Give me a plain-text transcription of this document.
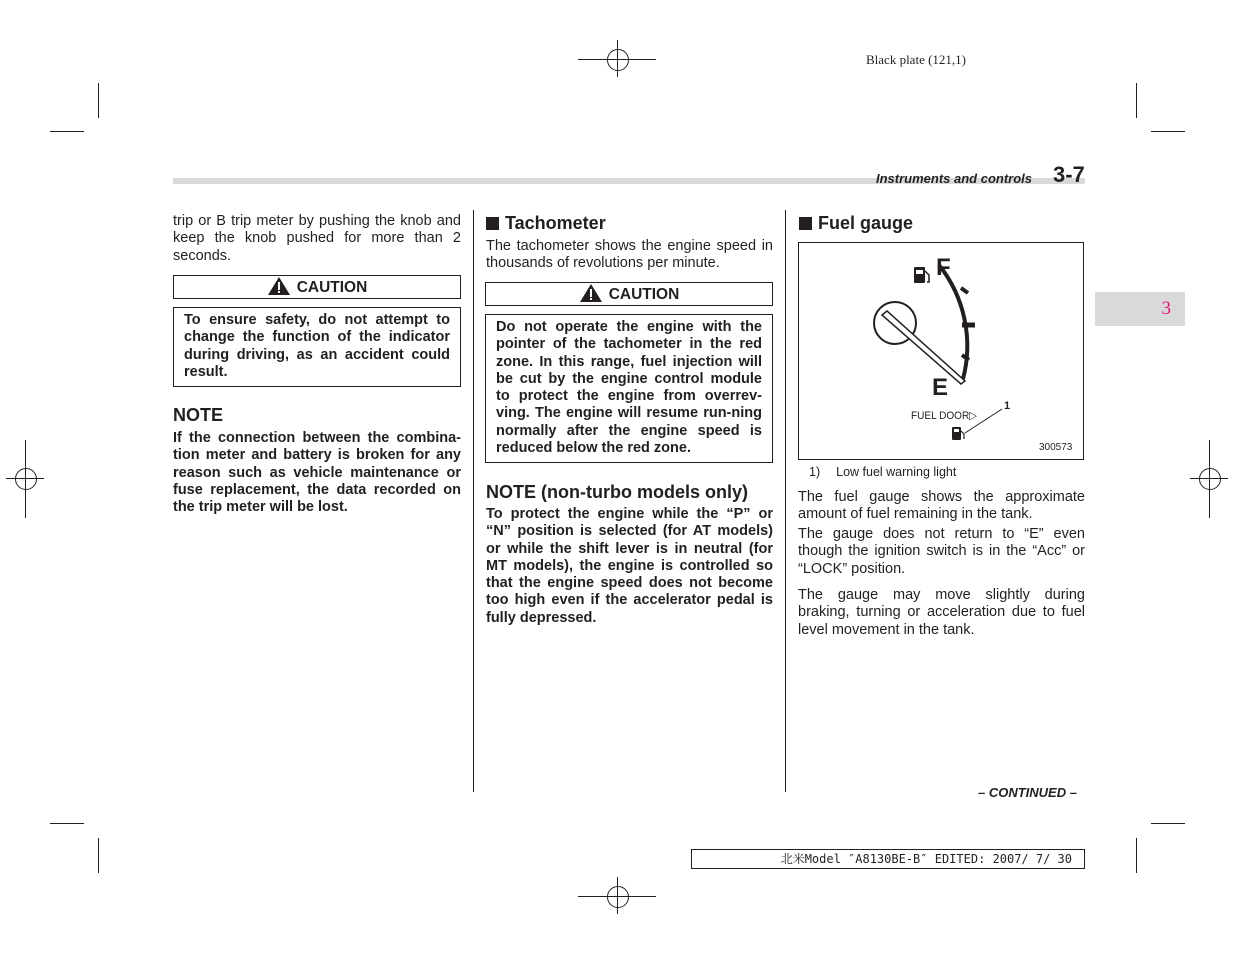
Black plate (121,1)
Instruments and controls 3-7
3
trip or B trip meter by pushing the knob and keep the knob pushed for more than 2 seconds.
CAUTION
To ensure safety, do not attempt to change the function of the indicator during driving, as an accident could result.
NOTE
If the connection between the combina-tion meter and battery is broken for any reason such as vehicle maintenance or fuse replacement, the data recorded on the trip meter will be lost.
Tachometer
The tachometer shows the engine speed in thousands of revolutions per minute.
CAUTION
Do not operate the engine with the pointer of the tachometer in the red zone. In this range, fuel injection will be cut by the engine control module to protect the engine from overrev-ving. The engine will resume run-ning normally after the engine speed is reduced below the red zone.
NOTE (non-turbo models only)
To protect the engine while the “P” or “N” position is selected (for AT models) or while the shift lever is in neutral (for MT models), the engine is controlled so that the engine speed does not become too high even if the accelerator pedal is fully depressed.
Fuel gauge
F
E
FUEL DOOR▷
1
300573
1) Low fuel warning light
The fuel gauge shows the approximate amount of fuel remaining in the tank.
The gauge does not return to “E” even though the ignition switch is in the “Acc” or “LOCK” position.
The gauge may move slightly during braking, turning or acceleration due to fuel level movement in the tank.
– CONTINUED –
北米Model ″A8130BE-B″ EDITED: 2007/ 7/ 30
